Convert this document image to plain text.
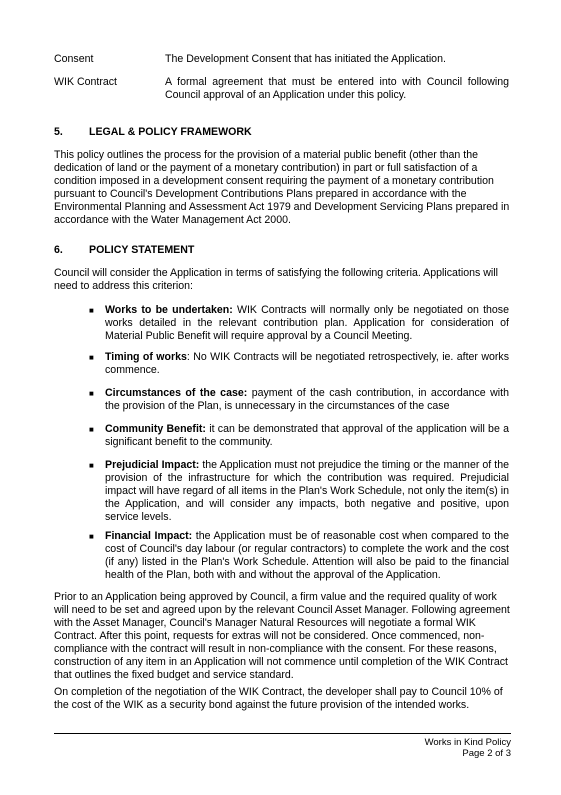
Consent	The Development Consent that has initiated the Application.
WIK Contract	A formal agreement that must be entered into with Council following Council approval of an Application under this policy.
5. LEGAL & POLICY FRAMEWORK
This policy outlines the process for the provision of a material public benefit (other than the dedication of land or the payment of a monetary contribution) in part or full satisfaction of a condition imposed in a development consent requiring the payment of a monetary contribution pursuant to Council's Development Contributions Plans prepared in accordance with the Environmental Planning and Assessment Act 1979 and Development Servicing Plans prepared in accordance with the Water Management Act 2000.
6. POLICY STATEMENT
Council will consider the Application in terms of satisfying the following criteria. Applications will need to address this criterion:
■ Works to be undertaken: WIK Contracts will normally only be negotiated on those works detailed in the relevant contribution plan. Application for consideration of Material Public Benefit will require approval by a Council Meeting.
■ Timing of works: No WIK Contracts will be negotiated retrospectively, ie. after works commence.
■ Circumstances of the case: payment of the cash contribution, in accordance with the provision of the Plan, is unnecessary in the circumstances of the case
■ Community Benefit: it can be demonstrated that approval of the application will be a significant benefit to the community.
■ Prejudicial Impact: the Application must not prejudice the timing or the manner of the provision of the infrastructure for which the contribution was required. Prejudicial impact will have regard of all items in the Plan's Work Schedule, not only the item(s) in the Application, and will consider any impacts, both negative and positive, upon service levels.
■ Financial Impact: the Application must be of reasonable cost when compared to the cost of Council's day labour (or regular contractors) to complete the work and the cost (if any) listed in the Plan's Work Schedule. Attention will also be paid to the financial health of the Plan, both with and without the approval of the Application.
Prior to an Application being approved by Council, a firm value and the required quality of work will need to be set and agreed upon by the relevant Council Asset Manager. Following agreement with the Asset Manager, Council's Manager Natural Resources will negotiate a formal WIK Contract. After this point, requests for extras will not be considered. Once commenced, non-compliance with the contract will result in non-compliance with the consent. For these reasons, construction of any item in an Application will not commence until completion of the WIK Contract that outlines the fixed budget and service standard.
On completion of the negotiation of the WIK Contract, the developer shall pay to Council 10% of the cost of the WIK as a security bond against the future provision of the intended works.
Works in Kind Policy
Page 2 of 3
